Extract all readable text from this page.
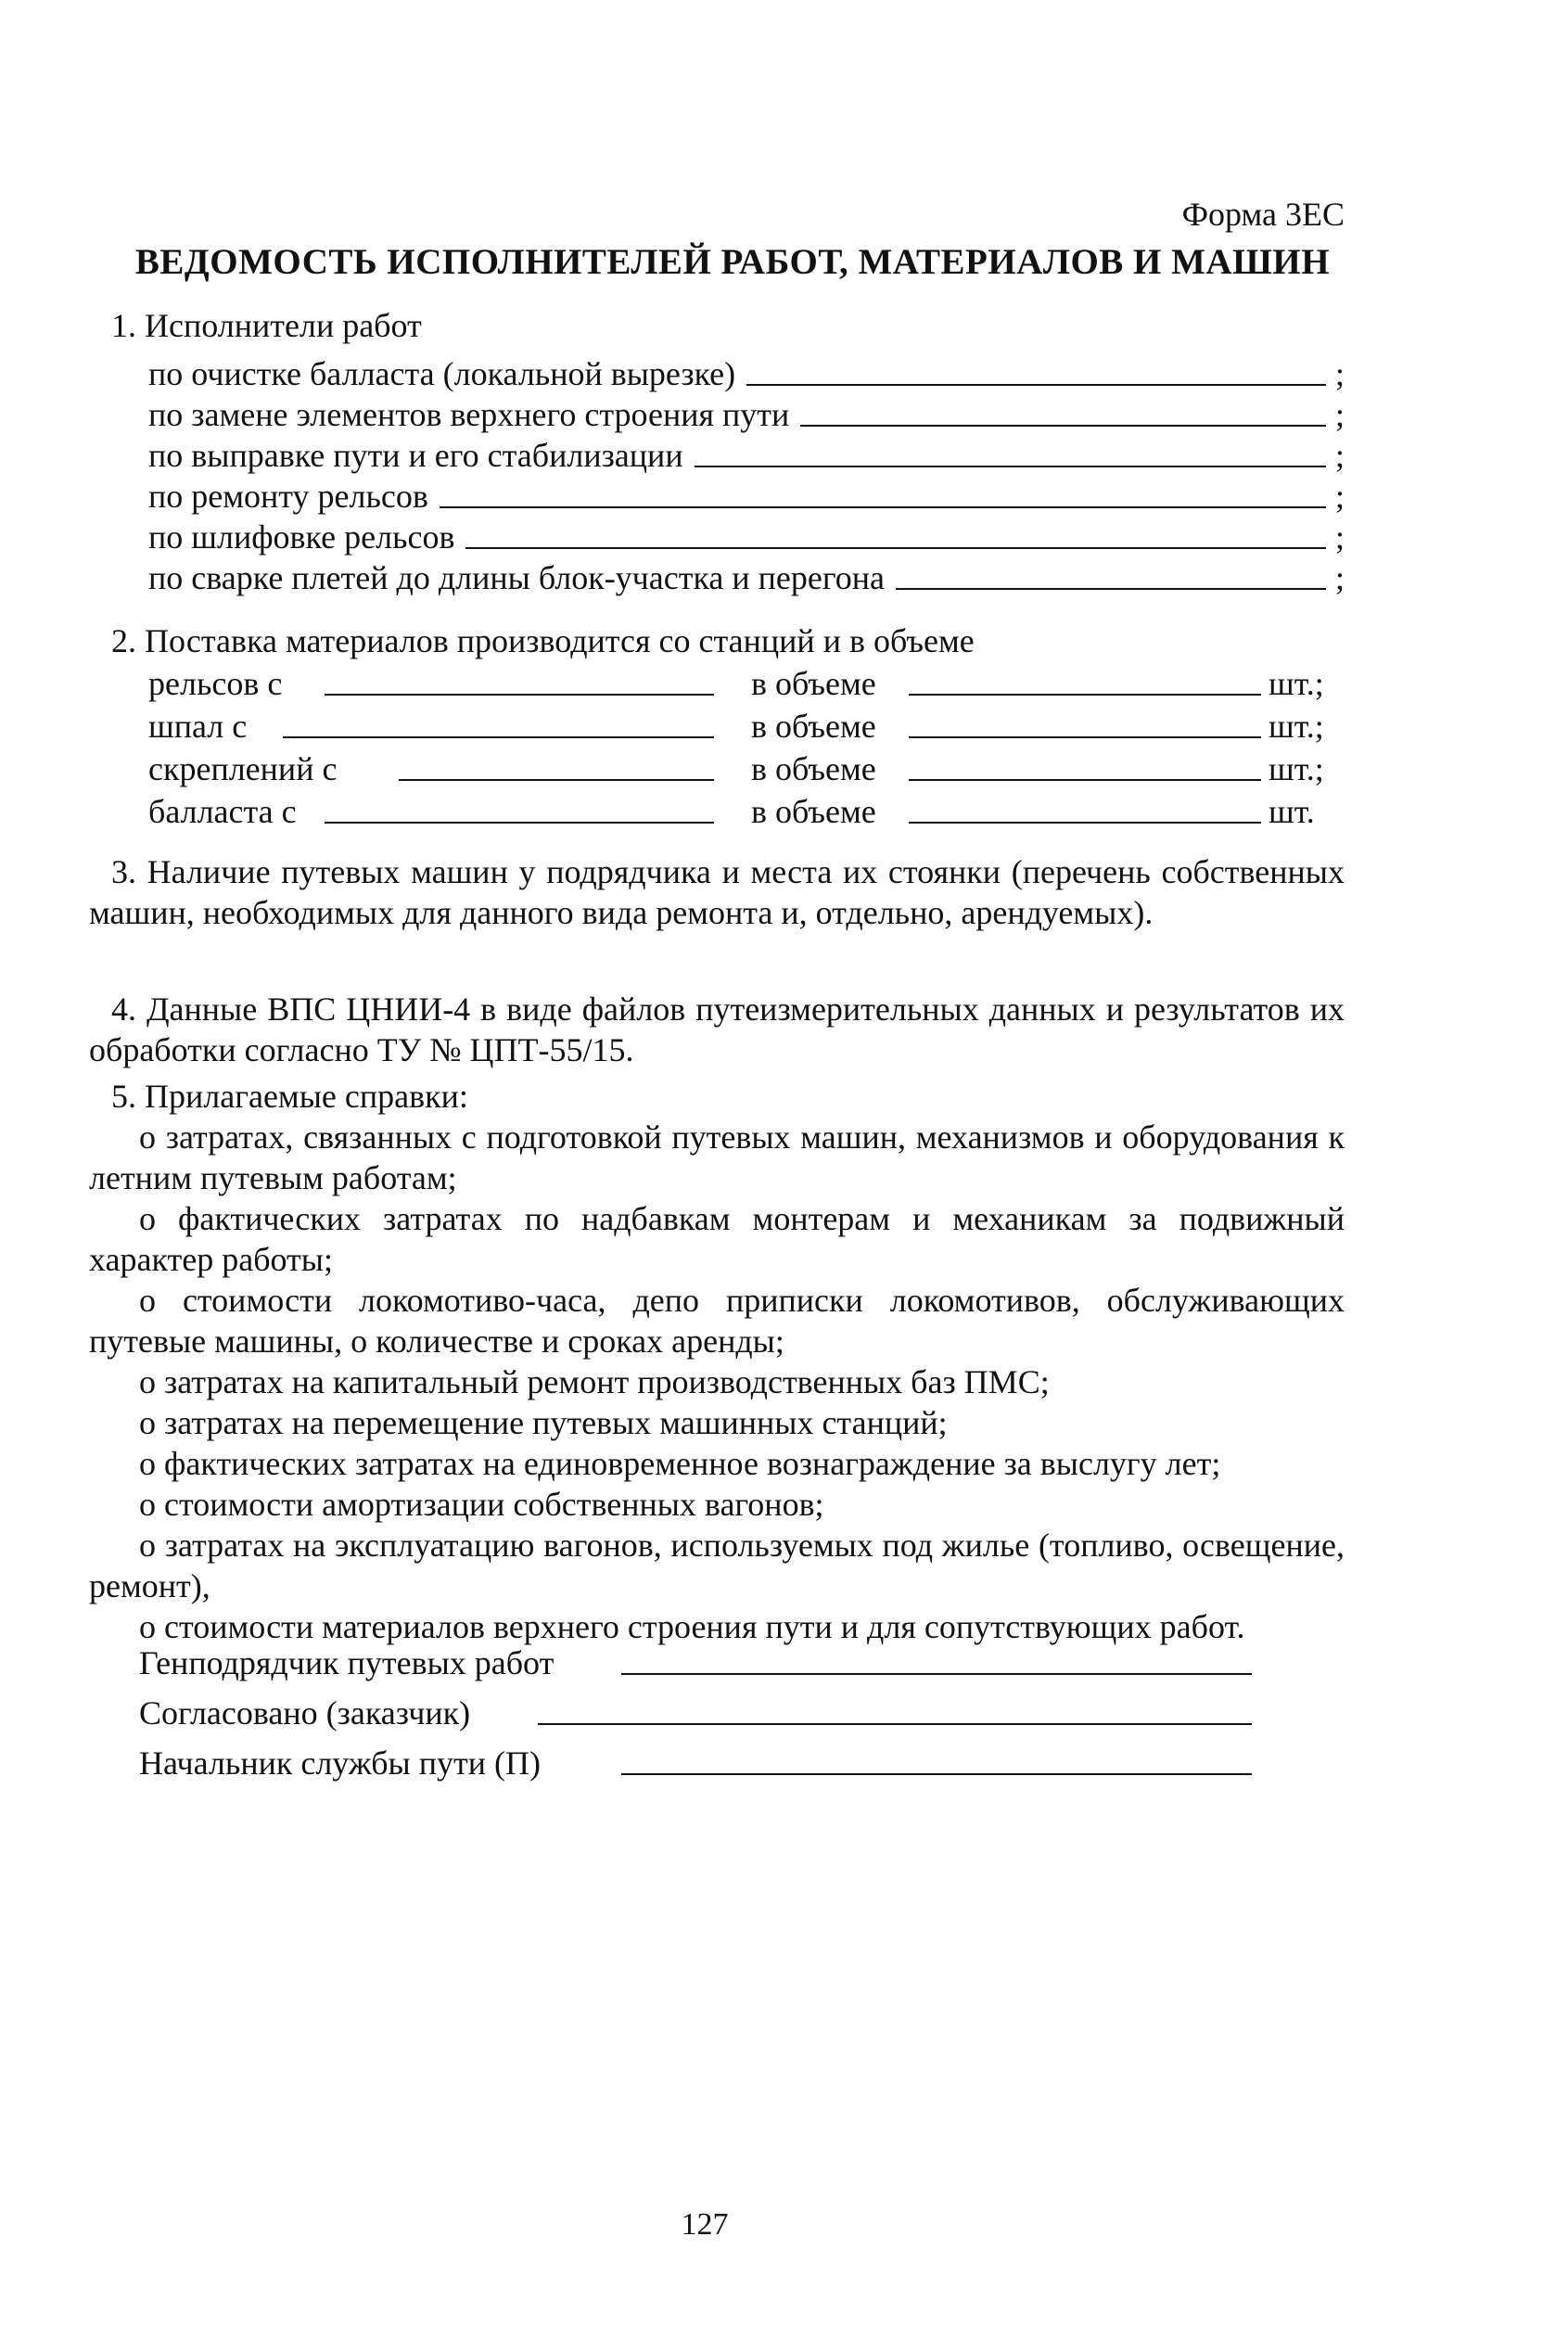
Форма 3ЕС
ВЕДОМОСТЬ ИСПОЛНИТЕЛЕЙ РАБОТ, МАТЕРИАЛОВ И МАШИН
1. Исполнители работ
по очистке балласта (локальной вырезке)	;
по замене элементов верхнего строения пути	;
по выправке пути и его стабилизации	;
по ремонту рельсов	;
по шлифовке рельсов	;
по сварке плетей до длины блок-участка и перегона	;
2. Поставка материалов производится со станций и в объеме
рельсов с	в объеме	шт.;
шпал с	в объеме	шт.;
скреплений с	в объеме	шт.;
балласта с	в объеме	шт.
3. Наличие путевых машин у подрядчика и места их стоянки (перечень собственных машин, необходимых для данного вида ремонта и, отдельно, арендуемых).
4. Данные ВПС ЦНИИ-4 в виде файлов путеизмерительных данных и результатов их обработки согласно ТУ № ЦПТ-55/15.
5. Прилагаемые справки:

о затратах, связанных с подготовкой путевых машин, механизмов и оборудования к летним путевым работам;

о фактических затратах по надбавкам монтерам и механикам за подвижный характер работы;

о стоимости локомотиво-часа, депо приписки локомотивов, обслуживающих путевые машины, о количестве и сроках аренды;

о затратах на капитальный ремонт производственных баз ПМС;

о затратах на перемещение путевых машинных станций;

о фактических затратах на единовременное вознаграждение за выслугу лет;

о стоимости амортизации собственных вагонов;

о затратах на эксплуатацию вагонов, используемых под жилье (топливо, освещение, ремонт),

о стоимости материалов верхнего строения пути и для сопутствующих работ.

Генподрядчик путевых работ
Согласовано (заказчик)
Начальник службы пути (П)
127
